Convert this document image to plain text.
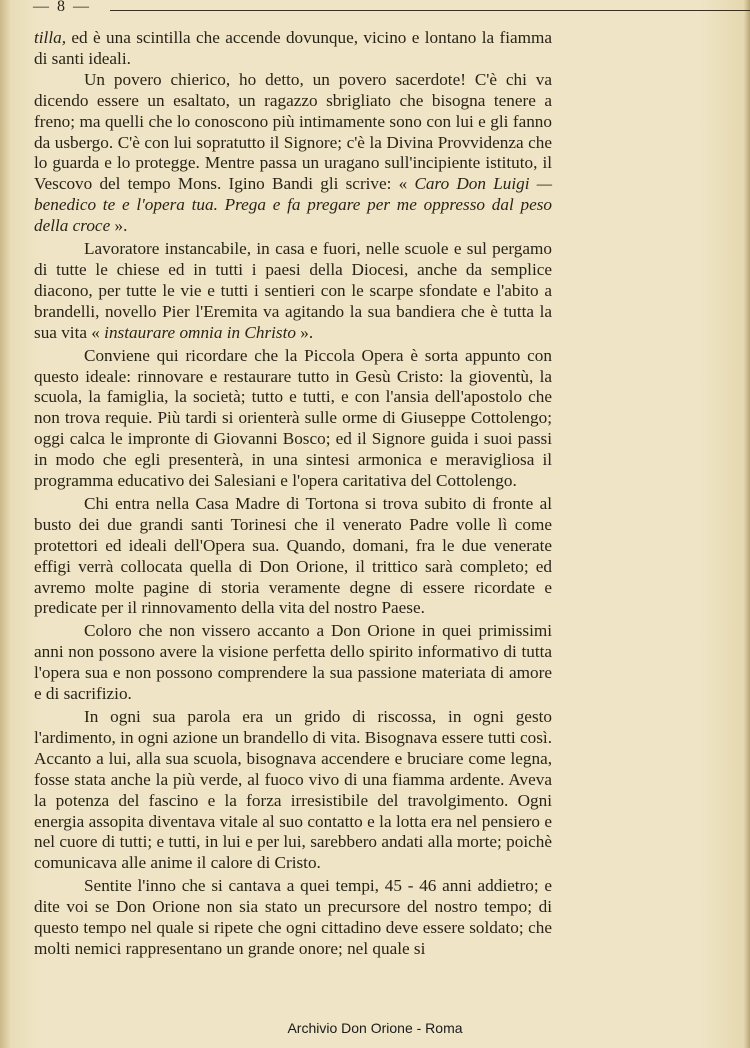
— 8 —

tilla, ed è una scintilla che accende dovunque, vicino e lontano la fiamma di santi ideali.

Un povero chierico, ho detto, un povero sacerdote! C'è chi va dicendo essere un esaltato, un ragazzo sbrigliato che bisogna tenere a freno; ma quelli che lo conoscono più intimamente sono con lui e gli fanno da usbergo. C'è con lui sopratutto il Signore; c'è la Divina Provvidenza che lo guarda e lo protegge. Mentre passa un uragano sull'incipiente istituto, il Vescovo del tempo Mons. Igino Bandi gli scrive: « Caro Don Luigi — benedico te e l'opera tua. Prega e fa pregare per me oppresso dal peso della croce ».

Lavoratore instancabile, in casa e fuori, nelle scuole e sul pergamo di tutte le chiese ed in tutti i paesi della Diocesi, anche da semplice diacono, per tutte le vie e tutti i sentieri con le scarpe sfondate e l'abito a brandelli, novello Pier l'Eremita va agitando la sua bandiera che è tutta la sua vita « instaurare omnia in Christo ».

Conviene qui ricordare che la Piccola Opera è sorta appunto con questo ideale: rinnovare e restaurare tutto in Gesù Cristo: la gioventù, la scuola, la famiglia, la società; tutto e tutti, e con l'ansia dell'apostolo che non trova requie. Più tardi si orienterà sulle orme di Giuseppe Cottolengo; oggi calca le impronte di Giovanni Bosco; ed il Signore guida i suoi passi in modo che egli presenterà, in una sintesi armonica e meravigliosa il programma educativo dei Salesiani e l'opera caritativa del Cottolengo.

Chi entra nella Casa Madre di Tortona si trova subito di fronte al busto dei due grandi santi Torinesi che il venerato Padre volle lì come protettori ed ideali dell'Opera sua. Quando, domani, fra le due venerate effigi verrà collocata quella di Don Orione, il trittico sarà completo; ed avremo molte pagine di storia veramente degne di essere ricordate e predicate per il rinnovamento della vita del nostro Paese.

Coloro che non vissero accanto a Don Orione in quei primissimi anni non possono avere la visione perfetta dello spirito informativo di tutta l'opera sua e non possono comprendere la sua passione materiata di amore e di sacrifizio.

In ogni sua parola era un grido di riscossa, in ogni gesto l'ardimento, in ogni azione un brandello di vita. Bisognava essere tutti così. Accanto a lui, alla sua scuola, bisognava accendere e bruciare come legna, fosse stata anche la più verde, al fuoco vivo di una fiamma ardente. Aveva la potenza del fascino e la forza irresistibile del travolgimento. Ogni energia assopita diventava vitale al suo contatto e la lotta era nel pensiero e nel cuore di tutti; e tutti, in lui e per lui, sarebbero andati alla morte; poichè comunicava alle anime il calore di Cristo.

Sentite l'inno che si cantava a quei tempi, 45 - 46 anni addietro; e dite voi se Don Orione non sia stato un precursore del nostro tempo; di questo tempo nel quale si ripete che ogni cittadino deve essere soldato; che molti nemici rappresentano un grande onore; nel quale si

Archivio Don Orione - Roma
